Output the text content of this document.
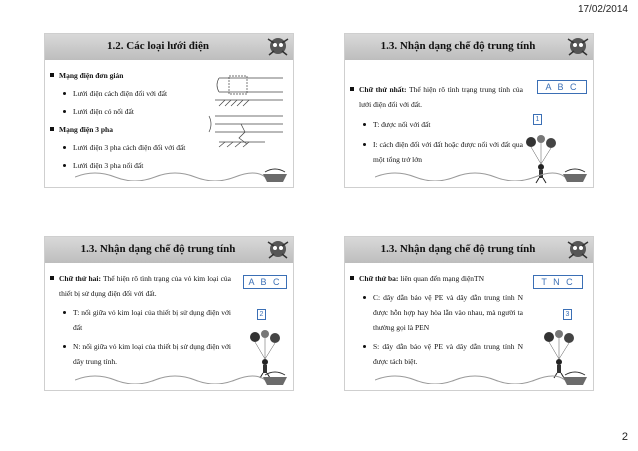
17/02/2014
1.2. Các loại lưới điện
Mạng điện đơn giản
Lưới điện cách điện đối với đất
Lưới điện có nối đất
Mạng điện 3 pha
Lưới điện 3 pha cách điện đối với đất
Lưới điện 3 pha nối đất
1.3. Nhận dạng chế độ trung tính
A B C
1
Chữ thứ nhất: Thể hiện rõ tình trạng trung tính của lưới điện đối với đất.
T: được nối với đất
I: cách điện đối với đất hoặc được nối với đất qua một tổng trở lớn
1.3. Nhận dạng chế độ trung tính
A B C
2
Chữ thứ hai: Thể hiện rõ tình trạng của vỏ kim loại của thiết bị sử dụng điện đối với đất.
T: nối giữa vỏ kim loại của thiết bị sử dụng điện với đất
N: nối giữa vỏ kim loại của thiết bị sử dụng điện với dây trung tính.
1.3. Nhận dạng chế độ trung tính
T N C
3
Chữ thứ ba: liên quan đến mạng điệnTN
C: dây dẫn bảo vệ PE và dây dẫn trung tính N được hỗn hợp hay hòa lẫn vào nhau, mà người ta thường gọi là PEN
S: dây dẫn bảo vệ PE và dây dẫn trung tính N được tách biệt.
2
